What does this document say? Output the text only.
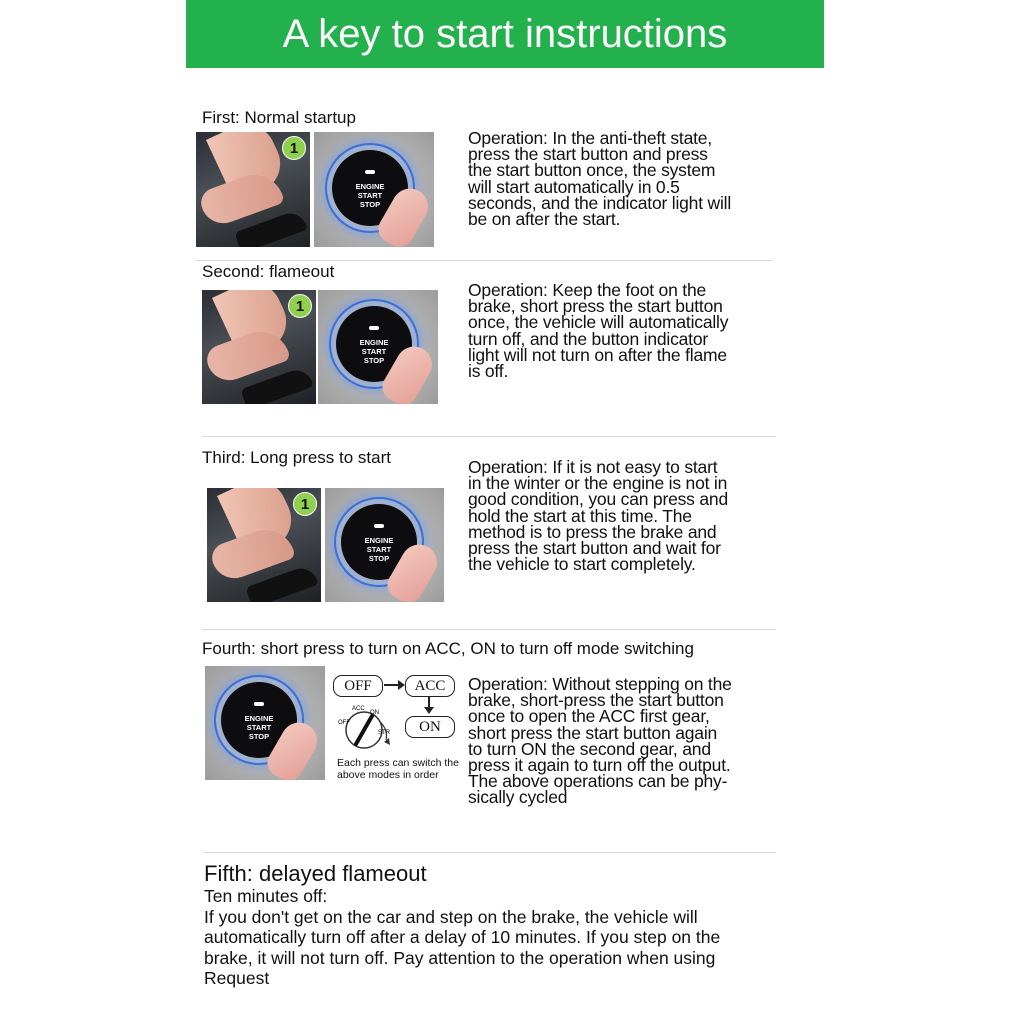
A key to start instructions
First: Normal startup
1
ENGINE
START
STOP
Operation: In the anti-theft state,
press the start button and press
the start button once, the system
will start automatically in 0.5
seconds, and the indicator light will
be on after the start.
Second: flameout
1
ENGINE
START
STOP
Operation: Keep the foot on the
brake, short press the start button
once, the vehicle will automatically
turn off, and the button indicator
light will not turn on after the flame
is off.
Third: Long press to start
1
ENGINE
START
STOP
Operation: If it is not easy to start
in the winter or the engine is not in
good condition, you can press and
hold the start at this time. The
method is to press the brake and
press the start button and wait for
the vehicle to start completely.
Fourth: short press to turn on ACC, ON to turn off mode switching
ENGINE
START
STOP
OFF	ACC
ON
OFF
ACC
ON
STR
Each press can switch the above modes in order
Operation: Without stepping on the
brake, short-press the start button
once to open the ACC first gear,
short press the start button again
to turn ON the second gear, and
press it again to turn off the output.
The above operations can be phy-
sically cycled
Fifth: delayed flameout
Ten minutes off:
If you don't get on the car and step on the brake, the vehicle will
automatically turn off after a delay of 10 minutes. If you step on the
brake, it will not turn off. Pay attention to the operation when using
Request
